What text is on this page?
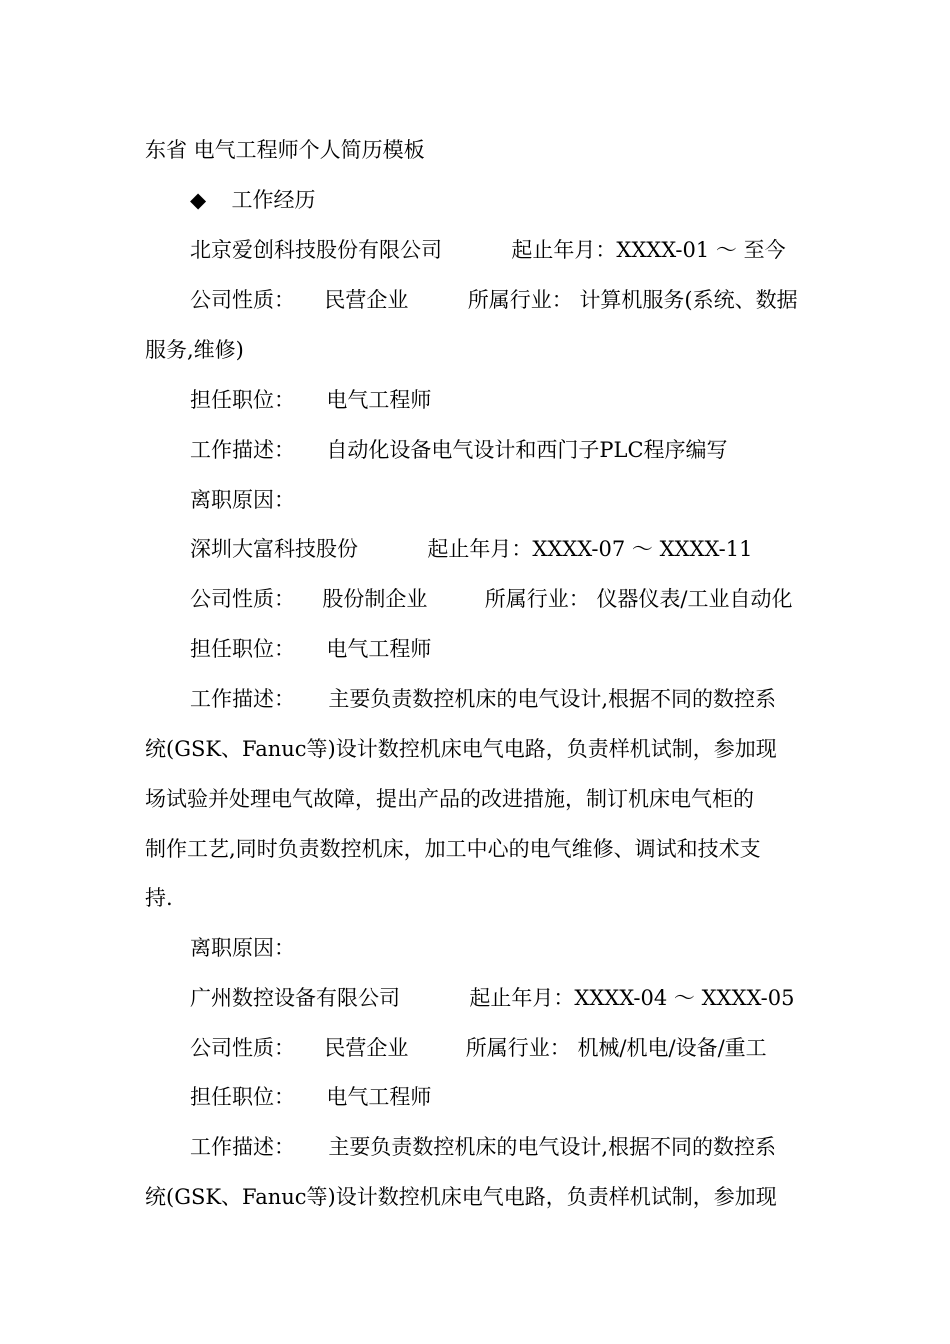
东省 电气工程师个人简历模板
◆ 工作经历
北京爱创科技股份有限公司	起止年月：XXXX-01 ～ 至今
公司性质： 民营企业	所属行业： 计算机服务(系统、数据
服务,维修)
担任职位： 电气工程师
工作描述： 自动化设备电气设计和西门子PLC程序编写
离职原因：
深圳大富科技股份	起止年月：XXXX-07 ～ XXXX-11
公司性质： 股份制企业	所属行业： 仪器仪表/工业自动化
担任职位： 电气工程师
工作描述： 主要负责数控机床的电气设计,根据不同的数控系
统(GSK、Fanuc等)设计数控机床电气电路，负责样机试制，参加现
场试验并处理电气故障，提出产品的改进措施，制订机床电气柜的
制作工艺,同时负责数控机床，加工中心的电气维修、调试和技术支
持.
离职原因：
广州数控设备有限公司	起止年月：XXXX-04 ～ XXXX-05
公司性质： 民营企业	所属行业： 机械/机电/设备/重工
担任职位： 电气工程师
工作描述： 主要负责数控机床的电气设计,根据不同的数控系
统(GSK、Fanuc等)设计数控机床电气电路，负责样机试制，参加现
